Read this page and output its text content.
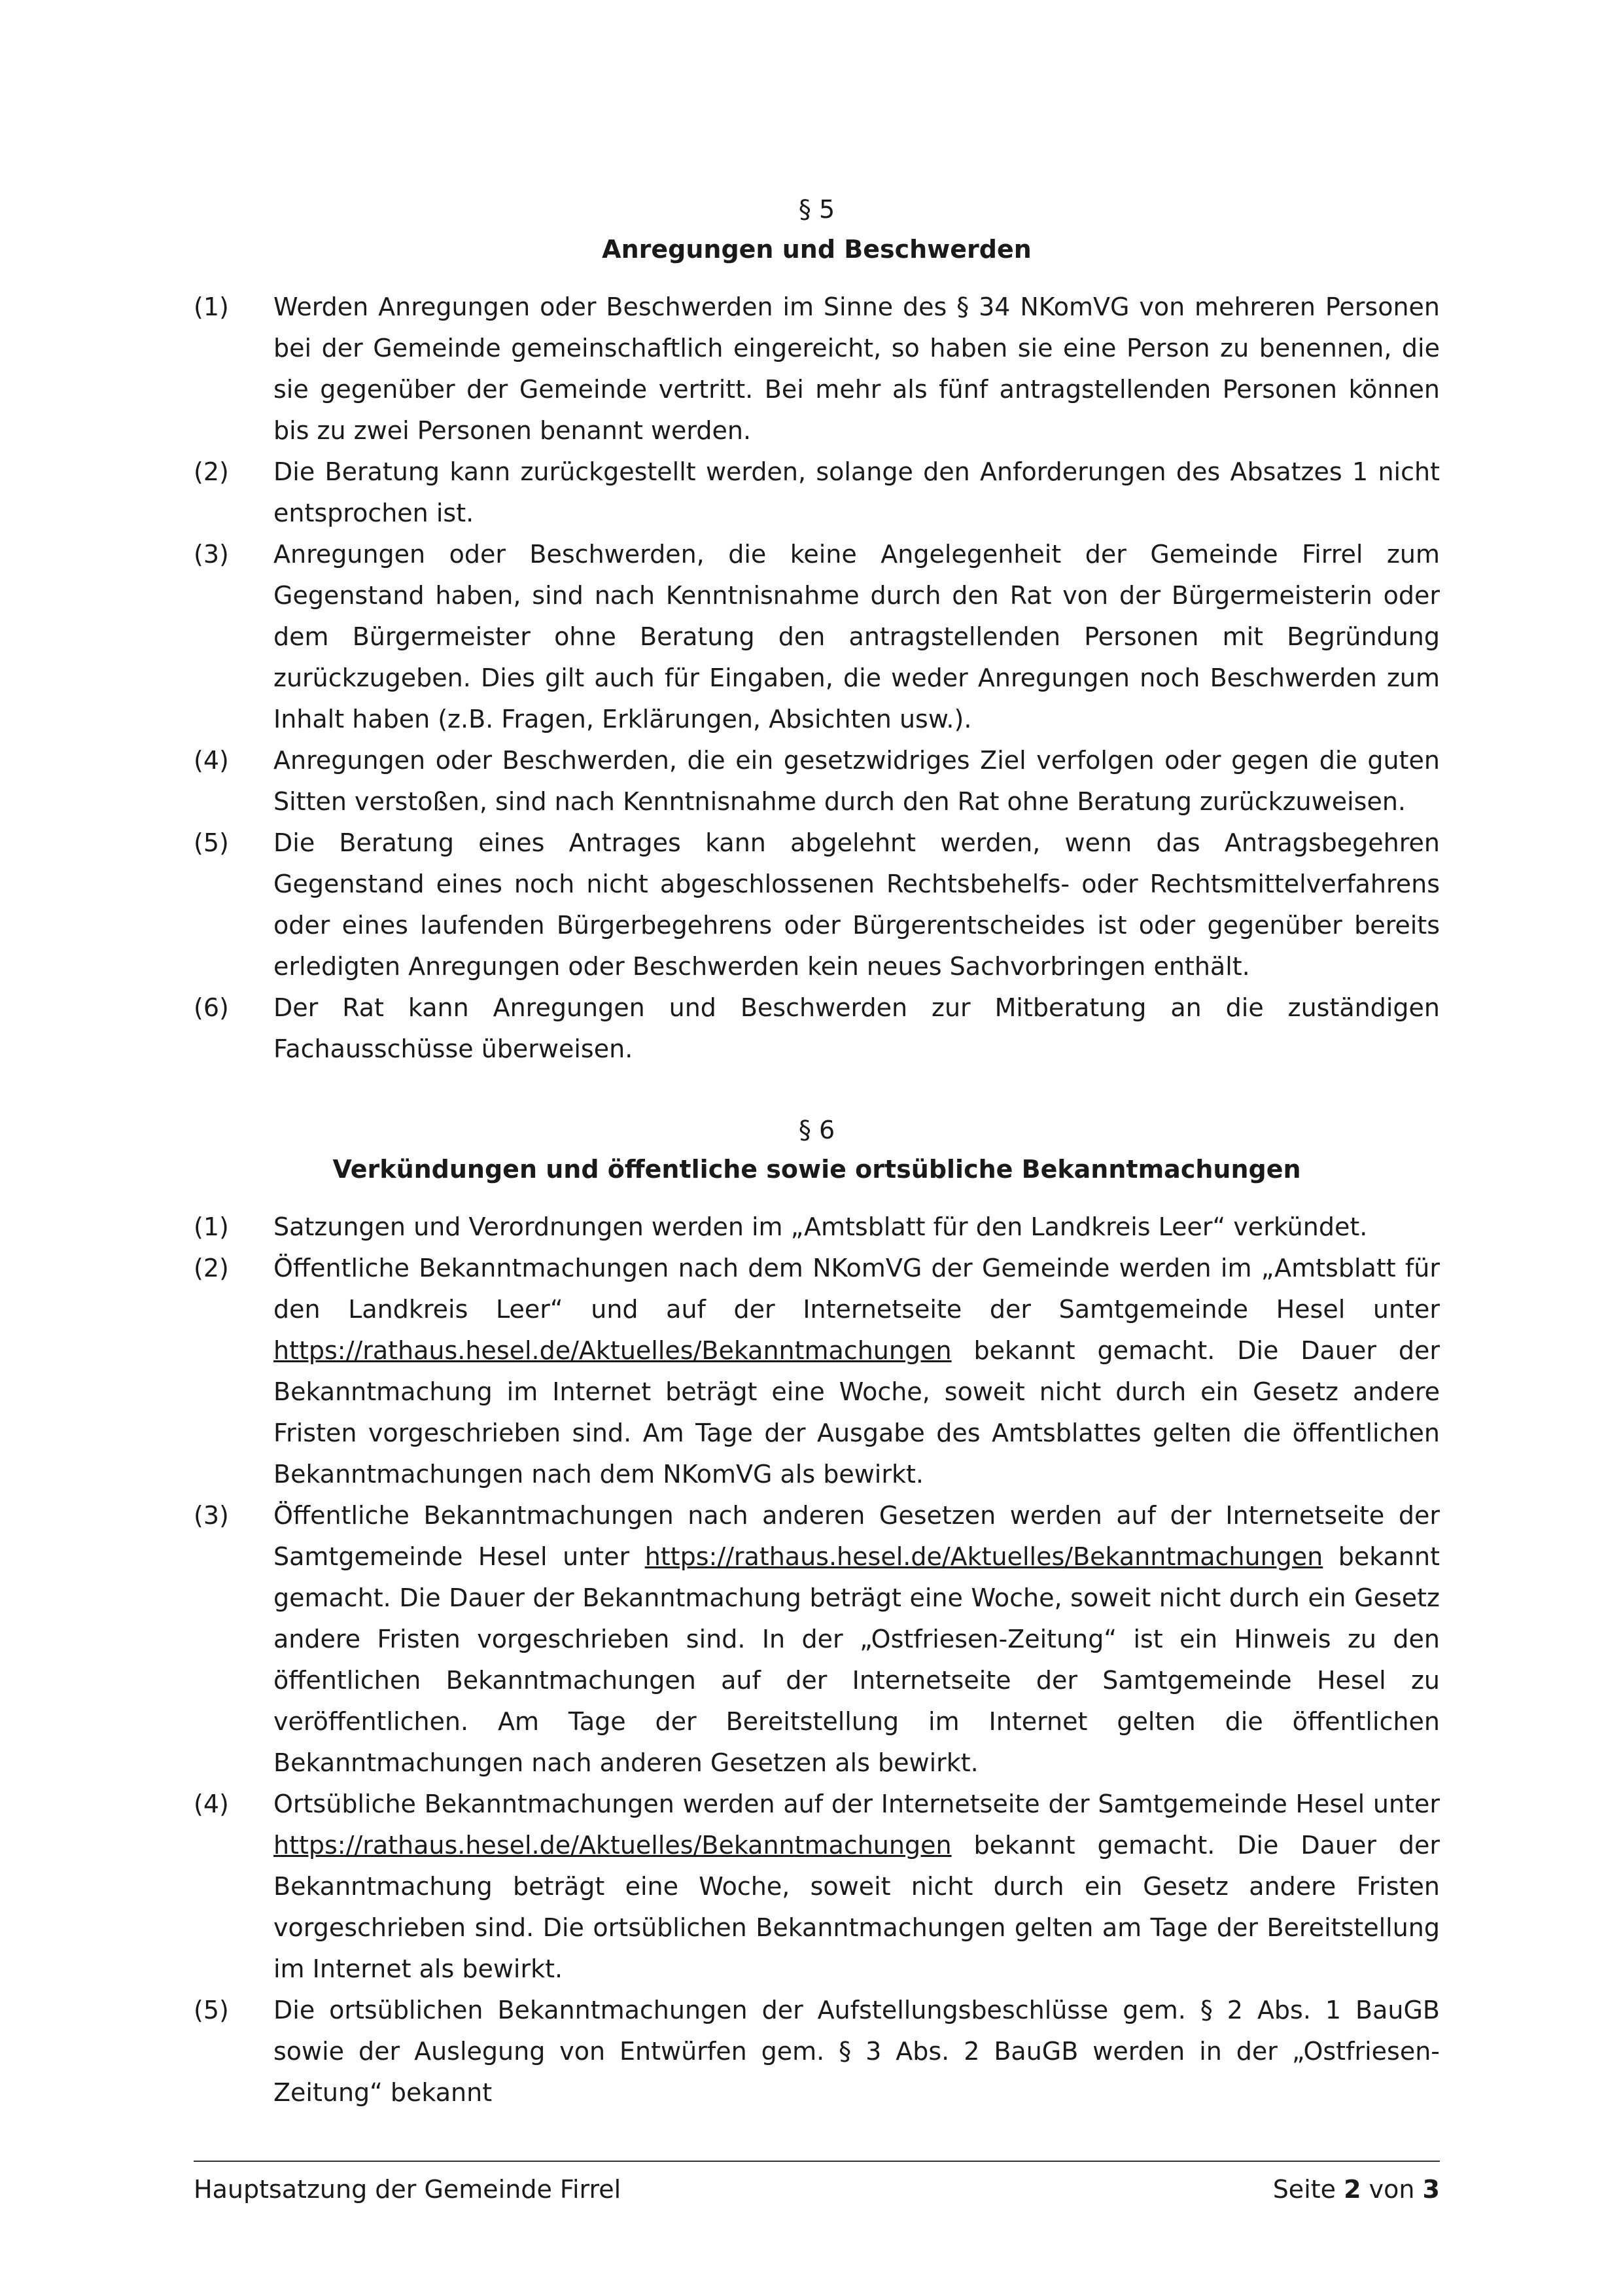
§ 5

Anregungen und Beschwerden

(1)	Werden Anregungen oder Beschwerden im Sinne des § 34 NKomVG von mehreren Personen bei der Gemeinde gemeinschaftlich eingereicht, so haben sie eine Person zu benennen, die sie gegenüber der Gemeinde vertritt. Bei mehr als fünf antragstellenden Personen können bis zu zwei Personen benannt werden.
(2)	Die Beratung kann zurückgestellt werden, solange den Anforderungen des Absatzes 1 nicht entsprochen ist.
(3)	Anregungen oder Beschwerden, die keine Angelegenheit der Gemeinde Firrel zum Gegenstand haben, sind nach Kenntnisnahme durch den Rat von der Bürgermeisterin oder dem Bürgermeister ohne Beratung den antragstellenden Personen mit Begründung zurückzugeben. Dies gilt auch für Eingaben, die weder Anregungen noch Beschwerden zum Inhalt haben (z.B. Fragen, Erklärungen, Absichten usw.).
(4)	Anregungen oder Beschwerden, die ein gesetzwidriges Ziel verfolgen oder gegen die guten Sitten verstoßen, sind nach Kenntnisnahme durch den Rat ohne Beratung zurückzuweisen.
(5)	Die Beratung eines Antrages kann abgelehnt werden, wenn das Antragsbegehren Gegenstand eines noch nicht abgeschlossenen Rechtsbehelfs- oder Rechtsmittelverfahrens oder eines laufenden Bürgerbegehrens oder Bürgerentscheides ist oder gegenüber bereits erledigten Anregungen oder Beschwerden kein neues Sachvorbringen enthält.
(6)	Der Rat kann Anregungen und Beschwerden zur Mitberatung an die zuständigen Fachausschüsse überweisen.

§ 6

Verkündungen und öffentliche sowie ortsübliche Bekanntmachungen

(1)	Satzungen und Verordnungen werden im „Amtsblatt für den Landkreis Leer“ verkündet.
(2)	Öffentliche Bekanntmachungen nach dem NKomVG der Gemeinde werden im „Amtsblatt für den Landkreis Leer“ und auf der Internetseite der Samtgemeinde Hesel unter https://rathaus.hesel.de/Aktuelles/Bekanntmachungen bekannt gemacht. Die Dauer der Bekanntmachung im Internet beträgt eine Woche, soweit nicht durch ein Gesetz andere Fristen vorgeschrieben sind. Am Tage der Ausgabe des Amtsblattes gelten die öffentlichen Bekanntmachungen nach dem NKomVG als bewirkt.
(3)	Öffentliche Bekanntmachungen nach anderen Gesetzen werden auf der Internetseite der Samtgemeinde Hesel unter https://rathaus.hesel.de/Aktuelles/Bekanntmachungen bekannt gemacht. Die Dauer der Bekanntmachung beträgt eine Woche, soweit nicht durch ein Gesetz andere Fristen vorgeschrieben sind. In der „Ostfriesen-Zeitung“ ist ein Hinweis zu den öffentlichen Bekanntmachungen auf der Internetseite der Samtgemeinde Hesel zu veröffentlichen. Am Tage der Bereitstellung im Internet gelten die öffentlichen Bekanntmachungen nach anderen Gesetzen als bewirkt.
(4)	Ortsübliche Bekanntmachungen werden auf der Internetseite der Samtgemeinde Hesel unter https://rathaus.hesel.de/Aktuelles/Bekanntmachungen bekannt gemacht. Die Dauer der Bekanntmachung beträgt eine Woche, soweit nicht durch ein Gesetz andere Fristen vorgeschrieben sind. Die ortsüblichen Bekanntmachungen gelten am Tage der Bereitstellung im Internet als bewirkt.
(5)	Die ortsüblichen Bekanntmachungen der Aufstellungsbeschlüsse gem. § 2 Abs. 1 BauGB sowie der Auslegung von Entwürfen gem. § 3 Abs. 2 BauGB werden in der „Ostfriesen-Zeitung“ bekannt
Hauptsatzung der Gemeinde Firrel	Seite 2 von 3
